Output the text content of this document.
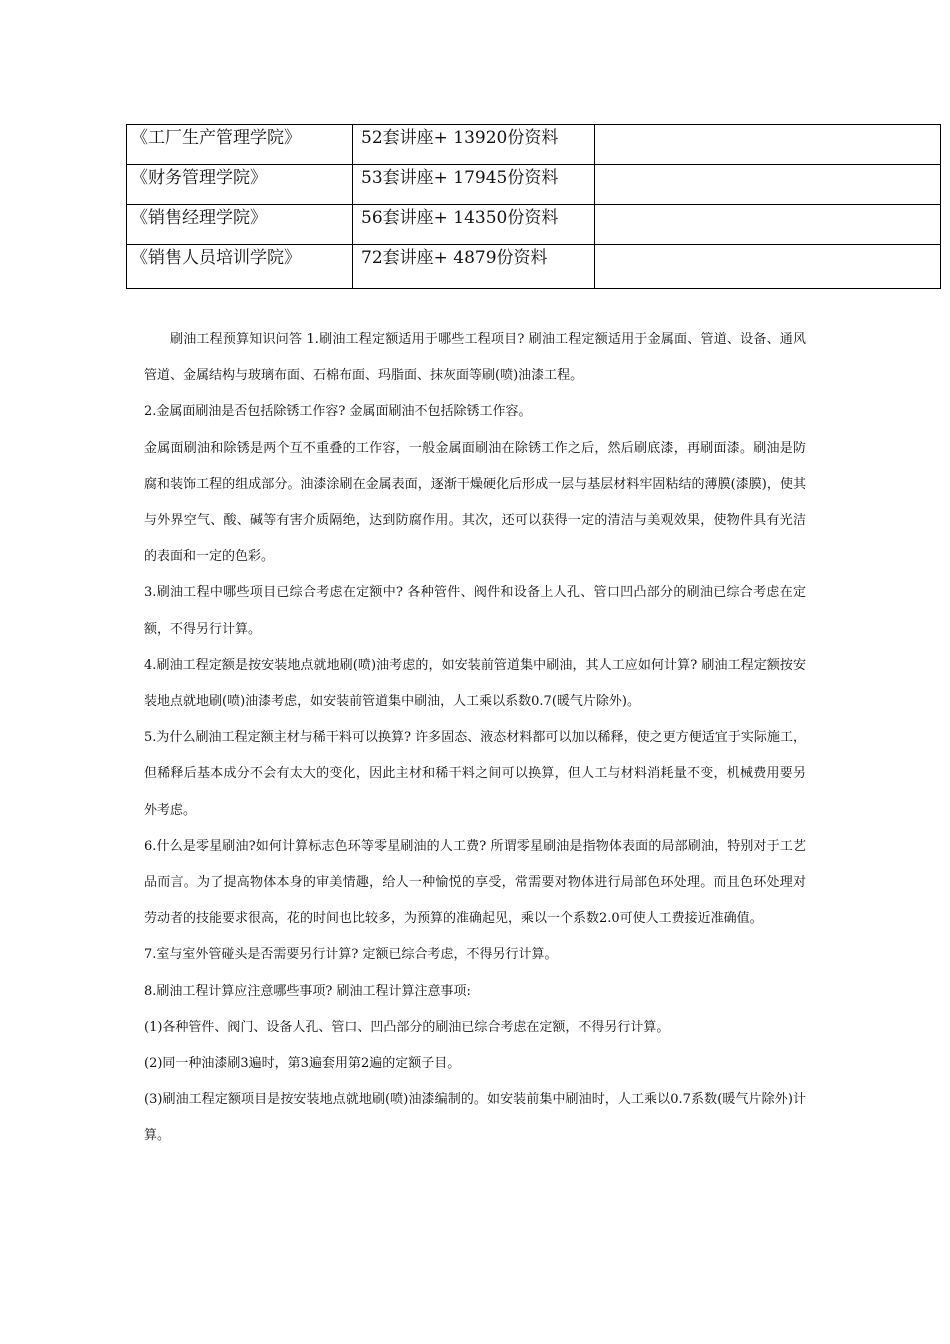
《工厂生产管理学院》	52套讲座+ 13920份资料	
《财务管理学院》	53套讲座+ 17945份资料	
《销售经理学院》	56套讲座+ 14350份资料	
《销售人员培训学院》	72套讲座+ 4879份资料	

刷油工程预算知识问答 1.刷油工程定额适用于哪些工程项目? 刷油工程定额适用于金属面、管道、设备、通风管道、金属结构与玻璃布面、石棉布面、玛脂面、抹灰面等刷(喷)油漆工程。

2.金属面刷油是否包括除锈工作容? 金属面刷油不包括除锈工作容。

金属面刷油和除锈是两个互不重叠的工作容，一般金属面刷油在除锈工作之后，然后刷底漆，再刷面漆。刷油是防腐和装饰工程的组成部分。油漆涂刷在金属表面，逐渐干燥硬化后形成一层与基层材料牢固粘结的薄膜(漆膜)，使其与外界空气、酸、碱等有害介质隔绝，达到防腐作用。其次，还可以获得一定的清洁与美观效果，使物件具有光洁的表面和一定的色彩。

3.刷油工程中哪些项目已综合考虑在定额中? 各种管件、阀件和设备上人孔、管口凹凸部分的刷油已综合考虑在定额，不得另行计算。

4.刷油工程定额是按安装地点就地刷(喷)油考虑的，如安装前管道集中刷油，其人工应如何计算? 刷油工程定额按安装地点就地刷(喷)油漆考虑，如安装前管道集中刷油，人工乘以系数0.7(暖气片除外)。

5.为什么刷油工程定额主材与稀干料可以换算? 许多固态、液态材料都可以加以稀释，使之更方便适宜于实际施工，但稀释后基本成分不会有太大的变化，因此主材和稀干料之间可以换算，但人工与材料消耗量不变，机械费用要另外考虑。

6.什么是零星刷油?如何计算标志色环等零星刷油的人工费? 所谓零星刷油是指物体表面的局部刷油，特别对于工艺品而言。为了提高物体本身的审美情趣，给人一种愉悦的享受，常需要对物体进行局部色环处理。而且色环处理对劳动者的技能要求很高，花的时间也比较多，为预算的准确起见，乘以一个系数2.0可使人工费接近准确值。

7.室与室外管碰头是否需要另行计算? 定额已综合考虑，不得另行计算。

8.刷油工程计算应注意哪些事项? 刷油工程计算注意事项:

(1)各种管件、阀门、设备人孔、管口、凹凸部分的刷油已综合考虑在定额，不得另行计算。

(2)同一种油漆刷3遍时，第3遍套用第2遍的定额子目。

(3)刷油工程定额项目是按安装地点就地刷(喷)油漆编制的。如安装前集中刷油时，人工乘以0.7系数(暖气片除外)计算。
